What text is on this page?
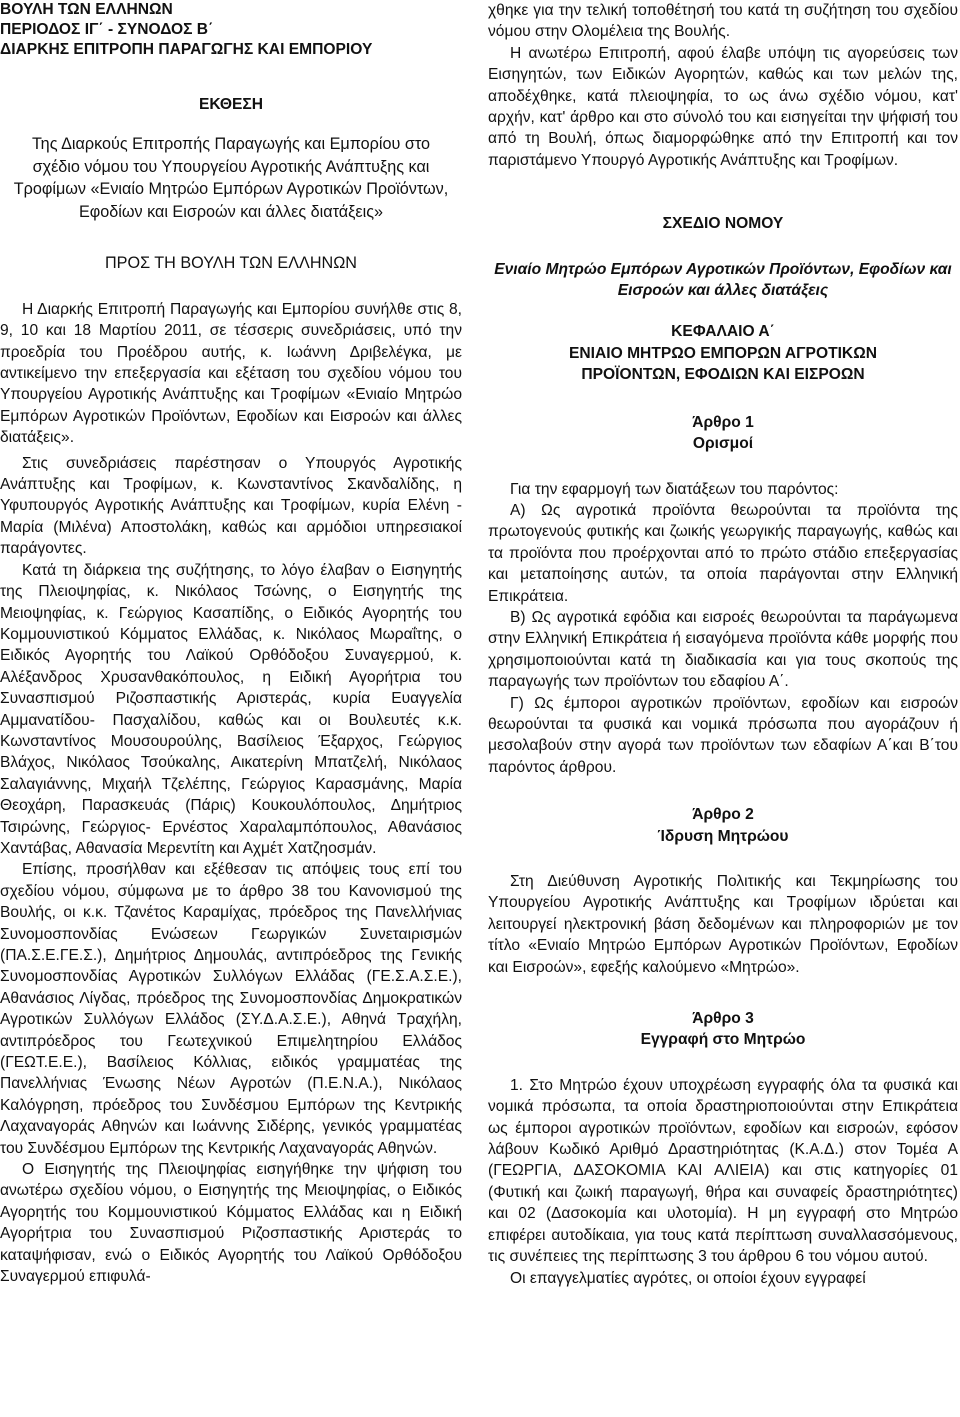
ΒΟΥΛΗ ΤΩΝ ΕΛΛΗΝΩΝ
ΠΕΡΙΟΔΟΣ ΙΓ΄ - ΣΥΝΟΔΟΣ Β΄
ΔΙΑΡΚΗΣ ΕΠΙΤΡΟΠΗ ΠΑΡΑΓΩΓΗΣ ΚΑΙ ΕΜΠΟΡΙΟΥ

ΕΚΘΕΣΗ

Της Διαρκούς Επιτροπής Παραγωγής και Εμπορίου στο σχέδιο νόμου του Υπουργείου Αγροτικής Ανάπτυξης και Τροφίμων «Ενιαίο Μητρώο Εμπόρων Αγροτικών Προϊόντων, Εφοδίων και Εισροών και άλλες διατάξεις»

ΠΡΟΣ ΤΗ ΒΟΥΛΗ ΤΩΝ ΕΛΛΗΝΩΝ

Η Διαρκής Επιτροπή Παραγωγής και Εμπορίου συνήλθε στις 8, 9, 10 και 18 Μαρτίου 2011, σε τέσσερις συνεδριάσεις, υπό την προεδρία του Προέδρου αυτής, κ. Ιωάννη Δριβελέγκα, με αντικείμενο την επεξεργασία και εξέταση του σχεδίου νόμου του Υπουργείου Αγροτικής Ανάπτυξης και Τροφίμων «Ενιαίο Μητρώο Εμπόρων Αγροτικών Προϊόντων, Εφοδίων και Εισροών και άλλες διατάξεις».

Στις συνεδριάσεις παρέστησαν ο Υπουργός Αγροτικής Ανάπτυξης και Τροφίμων, κ. Κωνσταντίνος Σκανδαλίδης, η Υφυπουργός Αγροτικής Ανάπτυξης και Τροφίμων, κυρία Ελένη - Μαρία (Μιλένα) Αποστολάκη, καθώς και αρμόδιοι υπηρεσιακοί παράγοντες.

Κατά τη διάρκεια της συζήτησης, το λόγο έλαβαν ο Εισηγητής της Πλειοψηφίας, κ. Νικόλαος Τσώνης, ο Εισηγητής της Μειοψηφίας, κ. Γεώργιος Κασαπίδης, ο Ειδικός Αγορητής του Κομμουνιστικού Κόμματος Ελλάδας, κ. Νικόλαος Μωραΐτης, ο Ειδικός Αγορητής του Λαϊκού Ορθόδοξου Συναγερμού, κ. Αλέξανδρος Χρυσανθακόπουλος, η Ειδική Αγορήτρια του Συνασπισμού Ριζοσπαστικής Αριστεράς, κυρία Ευαγγελία Αμμανατίδου- Πασχαλίδου, καθώς και οι Βουλευτές κ.κ. Κωνσταντίνος Μουσουρούλης, Βασίλειος Έξαρχος, Γεώργιος Βλάχος, Νικόλαος Τσούκαλης, Αικατερίνη Μπατζελή, Νικόλαος Σαλαγιάννης, Μιχαήλ Τζελέπης, Γεώργιος Καρασμάνης, Μαρία Θεοχάρη, Παρασκευάς (Πάρις) Κουκουλόπουλος, Δημήτριος Τσιρώνης, Γεώργιος- Ερνέστος Χαραλαμπόπουλος, Αθανάσιος Χαντάβας, Αθανασία Μερεντίτη και Αχμέτ Χατζηοσμάν.

Επίσης, προσήλθαν και εξέθεσαν τις απόψεις τους επί του σχεδίου νόμου, σύμφωνα με το άρθρο 38 του Κανονισμού της Βουλής, οι κ.κ. Τζανέτος Καραμίχας, πρόεδρος της Πανελλήνιας Συνομοσπονδίας Ενώσεων Γεωργικών Συνεταιρισμών (ΠΑ.Σ.Ε.ΓΕ.Σ.), Δημήτριος Δημουλάς, αντιπρόεδρος της Γενικής Συνομοσπονδίας Αγροτικών Συλλόγων Ελλάδας (ΓΕ.Σ.Α.Σ.Ε.), Αθανάσιος Λίγδας, πρόεδρος της Συνομοσπονδίας Δημοκρατικών Αγροτικών Συλλόγων Ελλάδος (ΣΥ.Δ.Α.Σ.Ε.), Αθηνά Τραχήλη, αντιπρόεδρος του Γεωτεχνικού Επιμελητηρίου Ελλάδος (ΓΕΩΤ.Ε.Ε.), Βασίλειος Κόλλιας, ειδικός γραμματέας της Πανελλήνιας Ένωσης Νέων Αγροτών (Π.Ε.Ν.Α.), Νικόλαος Καλόγρηση, πρόεδρος του Συνδέσμου Εμπόρων της Κεντρικής Λαχαναγοράς Αθηνών και Ιωάννης Σιδέρης, γενικός γραμματέας του Συνδέσμου Εμπόρων της Κεντρικής Λαχαναγοράς Αθηνών.

Ο Εισηγητής της Πλειοψηφίας εισηγήθηκε την ψήφιση του ανωτέρω σχεδίου νόμου, ο Εισηγητής της Μειοψηφίας, ο Ειδικός Αγορητής του Κομμουνιστικού Κόμματος Ελλάδας και η Ειδική Αγορήτρια του Συνασπισμού Ριζοσπαστικής Αριστεράς το καταψήφισαν, ενώ ο Ειδικός Αγορητής του Λαϊκού Ορθόδοξου Συναγερμού επιφυλά-

χθηκε για την τελική τοποθέτησή του κατά τη συζήτηση του σχεδίου νόμου στην Ολομέλεια της Βουλής.

Η ανωτέρω Επιτροπή, αφού έλαβε υπόψη τις αγορεύσεις των Εισηγητών, των Ειδικών Αγορητών, καθώς και των μελών της, αποδέχθηκε, κατά πλειοψηφία, το ως άνω σχέδιο νόμου, κατ' αρχήν, κατ' άρθρο και στο σύνολό του και εισηγείται την ψήφισή του από τη Βουλή, όπως διαμορφώθηκε από την Επιτροπή και τον παριστάμενο Υπουργό Αγροτικής Ανάπτυξης και Τροφίμων.

ΣΧΕΔΙΟ ΝΟΜΟΥ

Ενιαίο Μητρώο Εμπόρων Αγροτικών Προϊόντων, Εφοδίων και Εισροών και άλλες διατάξεις

ΚΕΦΑΛΑΙΟ Α΄
ΕΝΙΑΙΟ ΜΗΤΡΩΟ ΕΜΠΟΡΩΝ ΑΓΡΟΤΙΚΩΝ
ΠΡΟΪΟΝΤΩΝ, ΕΦΟΔΙΩΝ ΚΑΙ ΕΙΣΡΟΩΝ
Άρθρο 1
Ορισμοί

Για την εφαρμογή των διατάξεων του παρόντος:

Α) Ως αγροτικά προϊόντα θεωρούνται τα προϊόντα της πρωτογενούς φυτικής και ζωικής γεωργικής παραγωγής, καθώς και τα προϊόντα που προέρχονται από το πρώτο στάδιο επεξεργασίας και μεταποίησης αυτών, τα οποία παράγονται στην Ελληνική Επικράτεια.

Β) Ως αγροτικά εφόδια και εισροές θεωρούνται τα παράγωμενα στην Ελληνική Επικράτεια ή εισαγόμενα προϊόντα κάθε μορφής που χρησιμοποιούνται κατά τη διαδικασία και για τους σκοπούς της παραγωγής των προϊόντων του εδαφίου Α΄.

Γ) Ως έμποροι αγροτικών προϊόντων, εφοδίων και εισροών θεωρούνται τα φυσικά και νομικά πρόσωπα που αγοράζουν ή μεσολαβούν στην αγορά των προϊόντων των εδαφίων Α΄και Β΄του παρόντος άρθρου.

Άρθρο 2
Ίδρυση Μητρώου

Στη Διεύθυνση Αγροτικής Πολιτικής και Τεκμηρίωσης του Υπουργείου Αγροτικής Ανάπτυξης και Τροφίμων ιδρύεται και λειτουργεί ηλεκτρονική βάση δεδομένων και πληροφοριών με τον τίτλο «Ενιαίο Μητρώο Εμπόρων Αγροτικών Προϊόντων, Εφοδίων και Εισροών», εφεξής καλούμενο «Μητρώο».

Άρθρο 3
Εγγραφή στο Μητρώο

1. Στο Μητρώο έχουν υποχρέωση εγγραφής όλα τα φυσικά και νομικά πρόσωπα, τα οποία δραστηριοποιούνται στην Επικράτεια ως έμποροι αγροτικών προϊόντων, εφοδίων και εισροών, εφόσον λάβουν Κωδικό Αριθμό Δραστηριότητας (Κ.Α.Δ.) στον Τομέα Α (ΓΕΩΡΓΙΑ, ΔΑΣΟΚΟΜΙΑ ΚΑΙ ΑΛΙΕΙΑ) και στις κατηγορίες 01 (Φυτική και ζωική παραγωγή, θήρα και συναφείς δραστηριότητες) και 02 (Δασοκομία και υλοτομία). Η μη εγγραφή στο Μητρώο επιφέρει αυτοδίκαια, για τους κατά περίπτωση συναλλασσόμενους, τις συνέπειες της περίπτωσης 3 του άρθρου 6 του νόμου αυτού.

Οι επαγγελματίες αγρότες, οι οποίοι έχουν εγγραφεί
